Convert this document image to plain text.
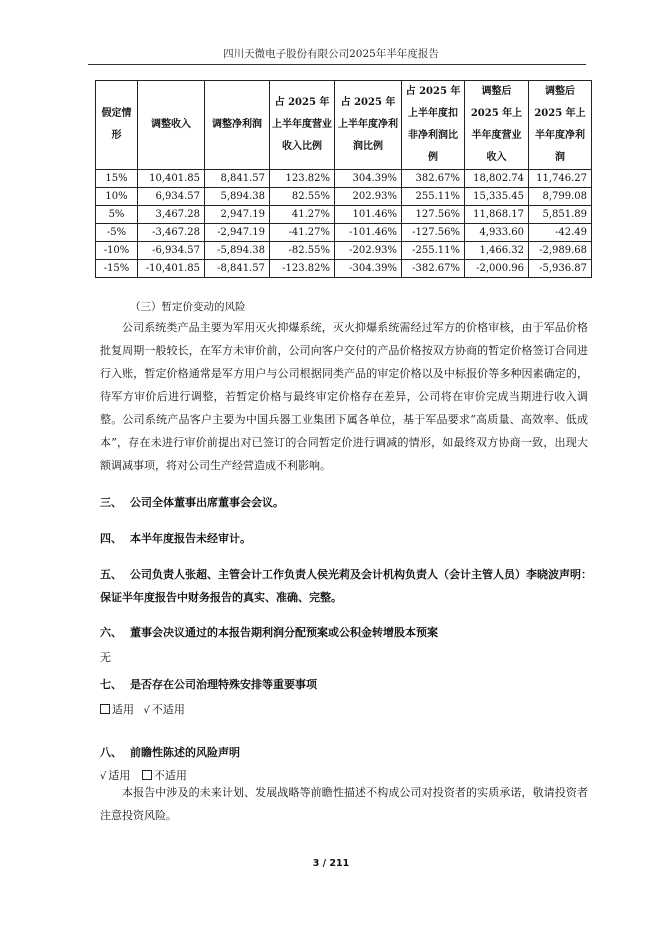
四川天微电子股份有限公司2025年半年度报告
假定情形	调整收入	调整净利润	占 2025 年上半年度营业收入比例	占 2025 年上半年度净利润比例	占 2025 年上半年度扣非净利润比例	调整后 2025 年上半年度营业收入	调整后 2025 年上半年度净利润
15%	10,401.85	8,841.57	123.82%	304.39%	382.67%	18,802.74	11,746.27
10%	6,934.57	5,894.38	82.55%	202.93%	255.11%	15,335.45	8,799.08
5%	3,467.28	2,947.19	41.27%	101.46%	127.56%	11,868.17	5,851.89
-5%	-3,467.28	-2,947.19	-41.27%	-101.46%	-127.56%	4,933.60	-42.49
-10%	-6,934.57	-5,894.38	-82.55%	-202.93%	-255.11%	1,466.32	-2,989.68
-15%	-10,401.85	-8,841.57	-123.82%	-304.39%	-382.67%	-2,000.96	-5,936.87
（三）暂定价变动的风险

公司系统类产品主要为军用灭火抑爆系统，灭火抑爆系统需经过军方的价格审核，由于军品价格批复周期一般较长，在军方未审价前，公司向客户交付的产品价格按双方协商的暂定价格签订合同进行入账，暂定价格通常是军方用户与公司根据同类产品的审定价格以及中标报价等多种因素确定的，待军方审价后进行调整，若暂定价格与最终审定价格存在差异，公司将在审价完成当期进行收入调整。公司系统产品客户主要为中国兵器工业集团下属各单位，基于军品要求“高质量、高效率、低成本”，存在未进行审价前提出对已签订的合同暂定价进行调减的情形，如最终双方协商一致，出现大额调减事项，将对公司生产经营造成不利影响。

三、 公司全体董事出席董事会会议。
四、 本半年度报告未经审计。
五、 公司负责人张超、主管会计工作负责人侯光莉及会计机构负责人（会计主管人员）李晓波声明：保证半年度报告中财务报告的真实、准确、完整。
六、 董事会决议通过的本报告期利润分配预案或公积金转增股本预案
无
七、 是否存在公司治理特殊安排等重要事项
适用 √ 不适用
八、 前瞻性陈述的风险声明
√ 适用 不适用

本报告中涉及的未来计划、发展战略等前瞻性描述不构成公司对投资者的实质承诺，敬请投资者注意投资风险。

3 / 211
